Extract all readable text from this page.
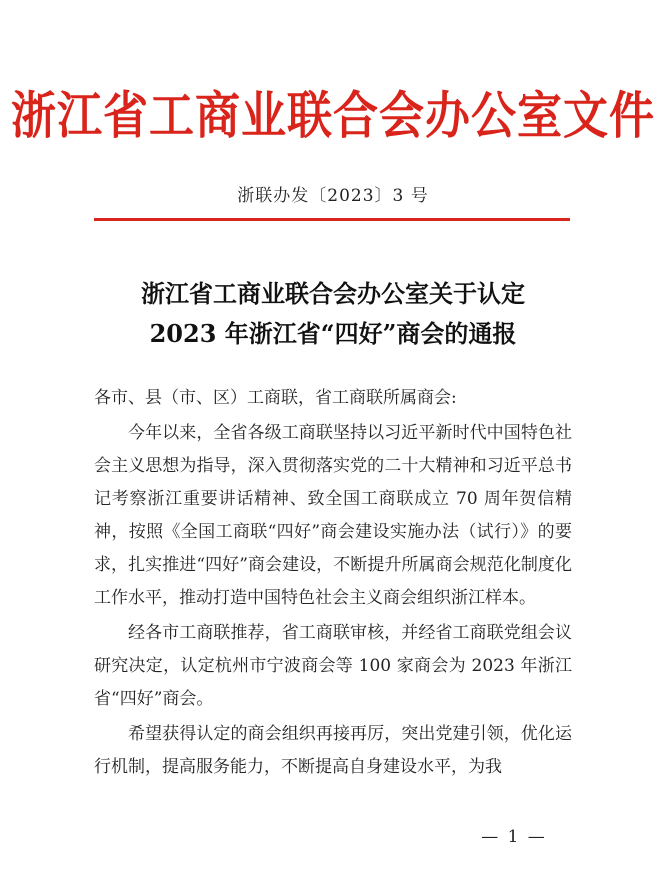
浙江省工商业联合会办公室文件
浙联办发〔2023〕3 号
浙江省工商业联合会办公室关于认定
2023 年浙江省“四好”商会的通报

各市、县（市、区）工商联，省工商联所属商会:

今年以来，全省各级工商联坚持以习近平新时代中国特色社会主义思想为指导，深入贯彻落实党的二十大精神和习近平总书记考察浙江重要讲话精神、致全国工商联成立 70 周年贺信精神，按照《全国工商联“四好”商会建设实施办法（试行）》的要求，扎实推进“四好”商会建设，不断提升所属商会规范化制度化工作水平，推动打造中国特色社会主义商会组织浙江样本。

经各市工商联推荐，省工商联审核，并经省工商联党组会议研究决定，认定杭州市宁波商会等 100 家商会为 2023 年浙江省“四好”商会。

希望获得认定的商会组织再接再厉，突出党建引领，优化运行机制，提高服务能力，不断提高自身建设水平，为我

— 1 —
